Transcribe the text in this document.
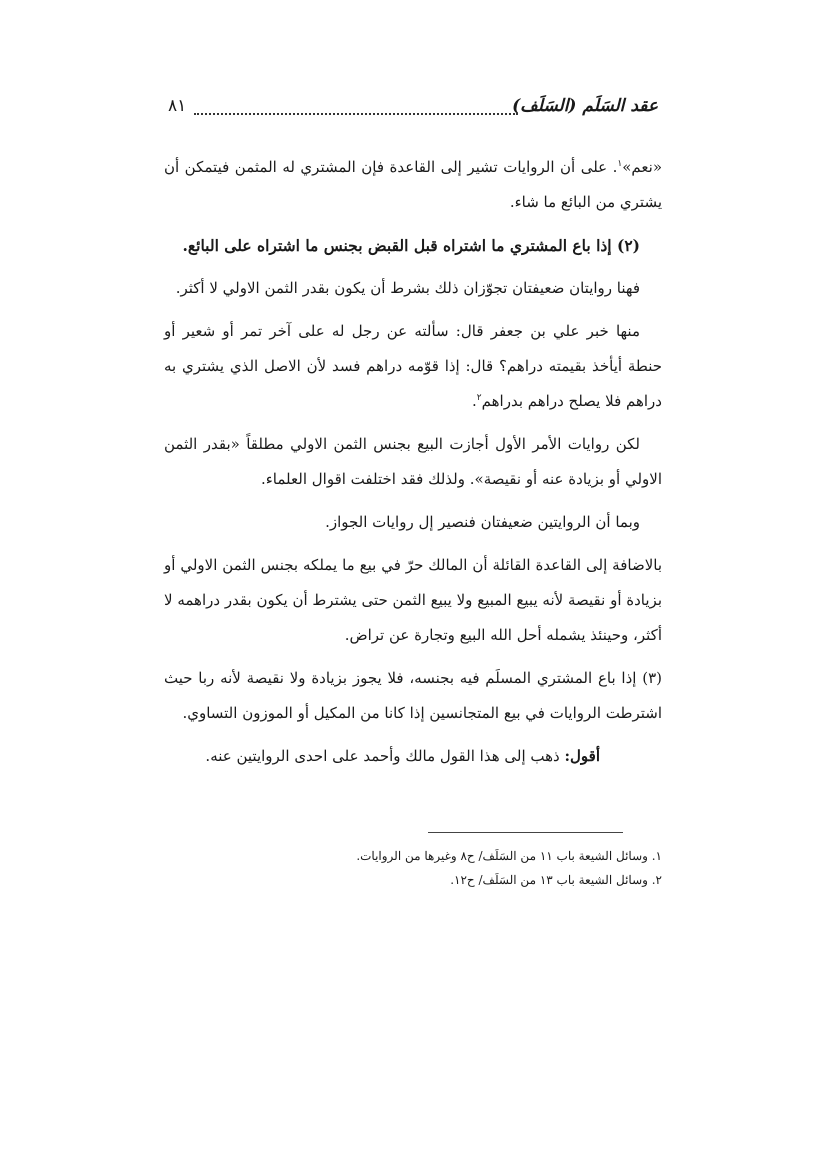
عقد السَلَم (السَلَف)
٨١

«نعم»$^١$. على أن الروايات تشير إلى القاعدة فإن المشتري له المثمن فيتمكن أن يشتري من البائع ما شاء.

(٢) إذا باع المشتري ما اشتراه قبل القبض بجنس ما اشتراه على البائع.

فهنا روايتان ضعيفتان تجوّزان ذلك بشرط أن يكون بقدر الثمن الاولي لا أكثر.

منها خبر علي بن جعفر قال: سألته عن رجل له على آخر تمر أو شعير أو حنطة أيأخذ بقيمته دراهم؟ قال: إذا قوّمه دراهم فسد لأن الاصل الذي يشتري به دراهم فلا يصلح دراهم بدراهم$^٢$.

لكن روايات الأمر الأول أجازت البيع بجنس الثمن الاولي مطلقاً «بقدر الثمن الاولي أو بزيادة عنه أو نقيصة». ولذلك فقد اختلفت اقوال العلماء.

وبما أن الروايتين ضعيفتان فنصير إل روايات الجواز.

بالاضافة إلى القاعدة القائلة أن المالك حرّ في بيع ما يملكه بجنس الثمن الاولي أو بزيادة أو نقيصة لأنه يبيع المبيع ولا يبيع الثمن حتى يشترط أن يكون بقدر دراهمه لا أكثر، وحينئذ يشمله أحل الله البيع وتجارة عن تراض.

(٣) إذا باع المشتري المسلَم فيه بجنسه، فلا يجوز بزيادة ولا نقيصة لأنه ربا حيث اشترطت الروايات في بيع المتجانسين إذا كانا من المكيل أو الموزون التساوي.

أقول: ذهب إلى هذا القول مالك وأحمد على احدى الروايتين عنه.

١. وسائل الشيعة باب ١١ من السَلَف/ ح٨ وغيرها من الروايات.

٢. وسائل الشيعة باب ١٣ من السَلَف/ ح١٢.
